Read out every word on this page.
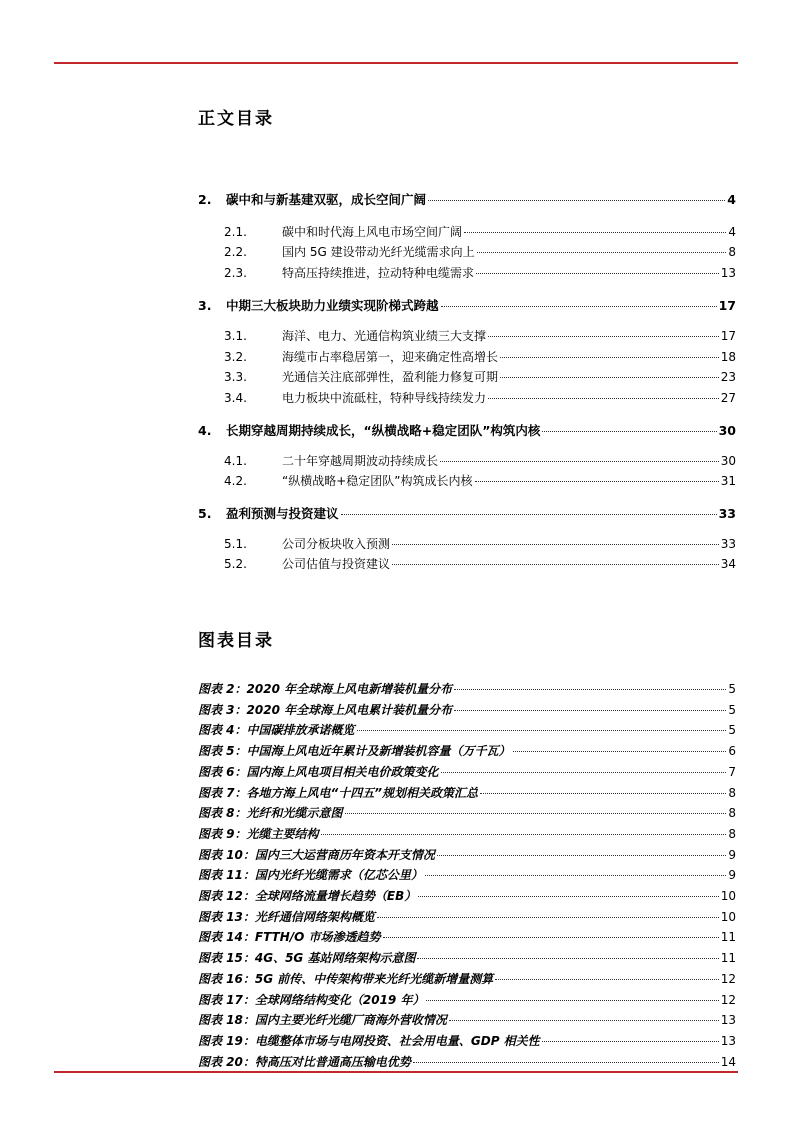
正文目录
2.	碳中和与新基建双驱，成长空间广阔	4
2.1.	碳中和时代海上风电市场空间广阔	4
2.2.	国内 5G 建设带动光纤光缆需求向上	8
2.3.	特高压持续推进，拉动特种电缆需求	13
3.	中期三大板块助力业绩实现阶梯式跨越	17
3.1.	海洋、电力、光通信构筑业绩三大支撑	17
3.2.	海缆市占率稳居第一，迎来确定性高增长	18
3.3.	光通信关注底部弹性，盈利能力修复可期	23
3.4.	电力板块中流砥柱，特种导线持续发力	27
4.	长期穿越周期持续成长，“纵横战略+稳定团队”构筑内核	30
4.1.	二十年穿越周期波动持续成长	30
4.2.	“纵横战略+稳定团队”构筑成长内核	31
5.	盈利预测与投资建议	33
5.1.	公司分板块收入预测	33
5.2.	公司估值与投资建议	34
图表目录
图表 2：2020 年全球海上风电新增装机量分布	5
图表 3：2020 年全球海上风电累计装机量分布	5
图表 4：中国碳排放承诺概览	5
图表 5：中国海上风电近年累计及新增装机容量（万千瓦）	6
图表 6：国内海上风电项目相关电价政策变化	7
图表 7：各地方海上风电“十四五”规划相关政策汇总	8
图表 8：光纤和光缆示意图	8
图表 9：光缆主要结构	8
图表 10：国内三大运营商历年资本开支情况	9
图表 11：国内光纤光缆需求（亿芯公里）	9
图表 12：全球网络流量增长趋势（EB）	10
图表 13：光纤通信网络架构概览	10
图表 14：FTTH/O 市场渗透趋势	11
图表 15：4G、5G 基站网络架构示意图	11
图表 16：5G 前传、中传架构带来光纤光缆新增量测算	12
图表 17：全球网络结构变化（2019 年）	12
图表 18：国内主要光纤光缆厂商海外营收情况	13
图表 19：电缆整体市场与电网投资、社会用电量、GDP 相关性	13
图表 20：特高压对比普通高压输电优势	14
